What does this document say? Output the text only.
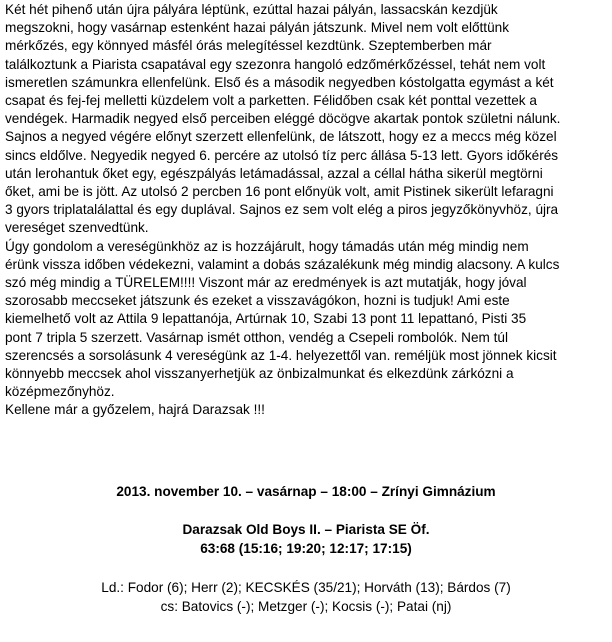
Két hét pihenő után újra pályára léptünk, ezúttal hazai pályán, lassacskán kezdjük
megszokni, hogy vasárnap estenként hazai pályán játszunk. Mivel nem volt előttünk
mérkőzés, egy könnyed másfél órás melegítéssel kezdtünk. Szeptemberben már
találkoztunk a Piarista csapatával egy szezonra hangoló edzőmérkőzéssel, tehát nem volt
ismeretlen számunkra ellenfelünk. Első és a második negyedben kóstolgatta egymást a két
csapat és fej-fej melletti küzdelem volt a parketten. Félidőben csak két ponttal vezettek a
vendégek. Harmadik negyed első perceiben eléggé döcögve akartak pontok születni nálunk.
Sajnos a negyed végére előnyt szerzett ellenfelünk, de látszott, hogy ez a meccs még közel
sincs eldőlve. Negyedik negyed 6. percére az utolsó tíz perc állása 5-13 lett. Gyors időkérés
után lerohantuk őket egy, egészpályás letámadással, azzal a céllal hátha sikerül megtörni
őket, ami be is jött. Az utolsó 2 percben 16 pont előnyük volt, amit Pistinek sikerült lefaragni
3 gyors triplatalálattal és egy duplával. Sajnos ez sem volt elég a piros jegyzőkönyvhöz, újra
vereséget szenvedtünk.

Úgy gondolom a vereségünkhöz az is hozzájárult, hogy támadás után még mindig nem
érünk vissza időben védekezni, valamint a dobás százalékunk még mindig alacsony. A kulcs
szó még mindig a TÜRELEM!!!! Viszont már az eredmények is azt mutatják, hogy jóval
szorosabb meccseket játszunk és ezeket a visszavágókon, hozni is tudjuk! Ami este
kiemelhető volt az Attila 9 lepattanója, Artúrnak 10, Szabi 13 pont 11 lepattanó, Pisti 35
pont 7 tripla 5 szerzett. Vasárnap ismét otthon, vendég a Csepeli rombolók. Nem túl
szerencsés a sorsolásunk 4 vereségünk az 1-4. helyezettől van. reméljük most jönnek kicsit
könnyebb meccsek ahol visszanyerhetjük az önbizalmunkat és elkezdünk zárkózni a
középmezőnyhöz.
Kellene már a győzelem, hajrá Darazsak !!!

2013. november 10. – vasárnap – 18:00 – Zrínyi Gimnázium
Darazsak Old Boys II. – Piarista SE Öf.
63:68 (15:16; 19:20; 12:17; 17:15)
Ld.: Fodor (6); Herr (2); KECSKÉS (35/21); Horváth (13); Bárdos (7)
cs: Batovics (-); Metzger (-); Kocsis (-); Patai (nj)
